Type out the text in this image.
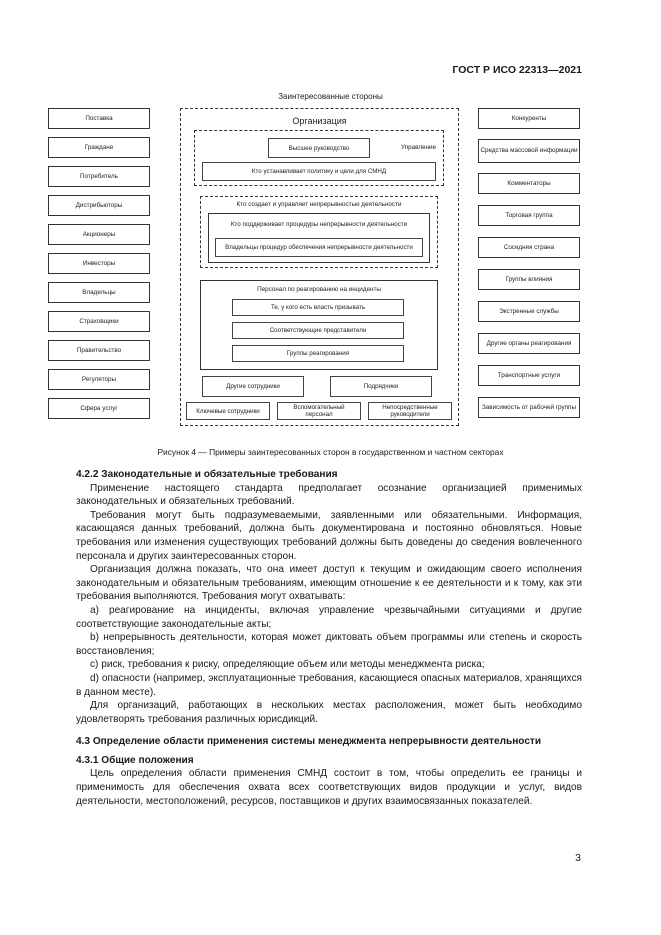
ГОСТ Р ИСО 22313—2021
Заинтересованные стороны
Поставка
Граждане
Потребитель
Дистрибьюторы
Акционеры
Инвесторы
Владельцы
Страховщики
Правительство
Регуляторы
Сфера услуг
Конкуренты
Средства массовой информации
Комментаторы
Торговая группа
Соседняя страна
Группы влияния
Экстренные службы
Другие органы реагирования
Транспортные услуги
Зависимость от рабочей группы
Организация
Высшее руководство	Управление
Кто устанавливает политику и цели для СМНД
Кто создает и управляет непрерывностью деятельности
Кто поддерживает процедуры непрерывности деятельности
Владельцы процедур обеспечения непрерывности деятельности
Персонал по реагированию на инциденты
Те, у кого есть власть призывать
Соответствующие представители
Группы реагирования
Другие сотрудники	Подрядчики
Ключевые сотрудники	Вспомогательный персонал
Непосредственные руководители
Рисунок 4 — Примеры заинтересованных сторон в государственном и частном секторах

4.2.2 Законодательные и обязательные требования

Применение настоящего стандарта предполагает осознание организацией применимых законодательных и обязательных требований.

Требования могут быть подразумеваемыми, заявленными или обязательными. Информация, касающаяся данных требований, должна быть документирована и постоянно обновляться. Новые требования или изменения существующих требований должны быть доведены до сведения вовлеченного персонала и других заинтересованных сторон.

Организация должна показать, что она имеет доступ к текущим и ожидающим своего исполнения законодательным и обязательным требованиям, имеющим отношение к ее деятельности и к тому, как эти требования выполняются. Требования могут охватывать:

a) реагирование на инциденты, включая управление чрезвычайными ситуациями и другие соответствующие законодательные акты;

b) непрерывность деятельности, которая может диктовать объем программы или степень и скорость восстановления;

c) риск, требования к риску, определяющие объем или методы менеджмента риска;

d) опасности (например, эксплуатационные требования, касающиеся опасных материалов, хранящихся в данном месте).

Для организаций, работающих в нескольких местах расположения, может быть необходимо удовлетворять требования различных юрисдикций.

4.3 Определение области применения системы менеджмента непрерывности деятельности

4.3.1 Общие положения

Цель определения области применения СМНД состоит в том, чтобы определить ее границы и применимость для обеспечения охвата всех соответствующих видов продукции и услуг, видов деятельности, местоположений, ресурсов, поставщиков и других взаимосвязанных показателей.

3
